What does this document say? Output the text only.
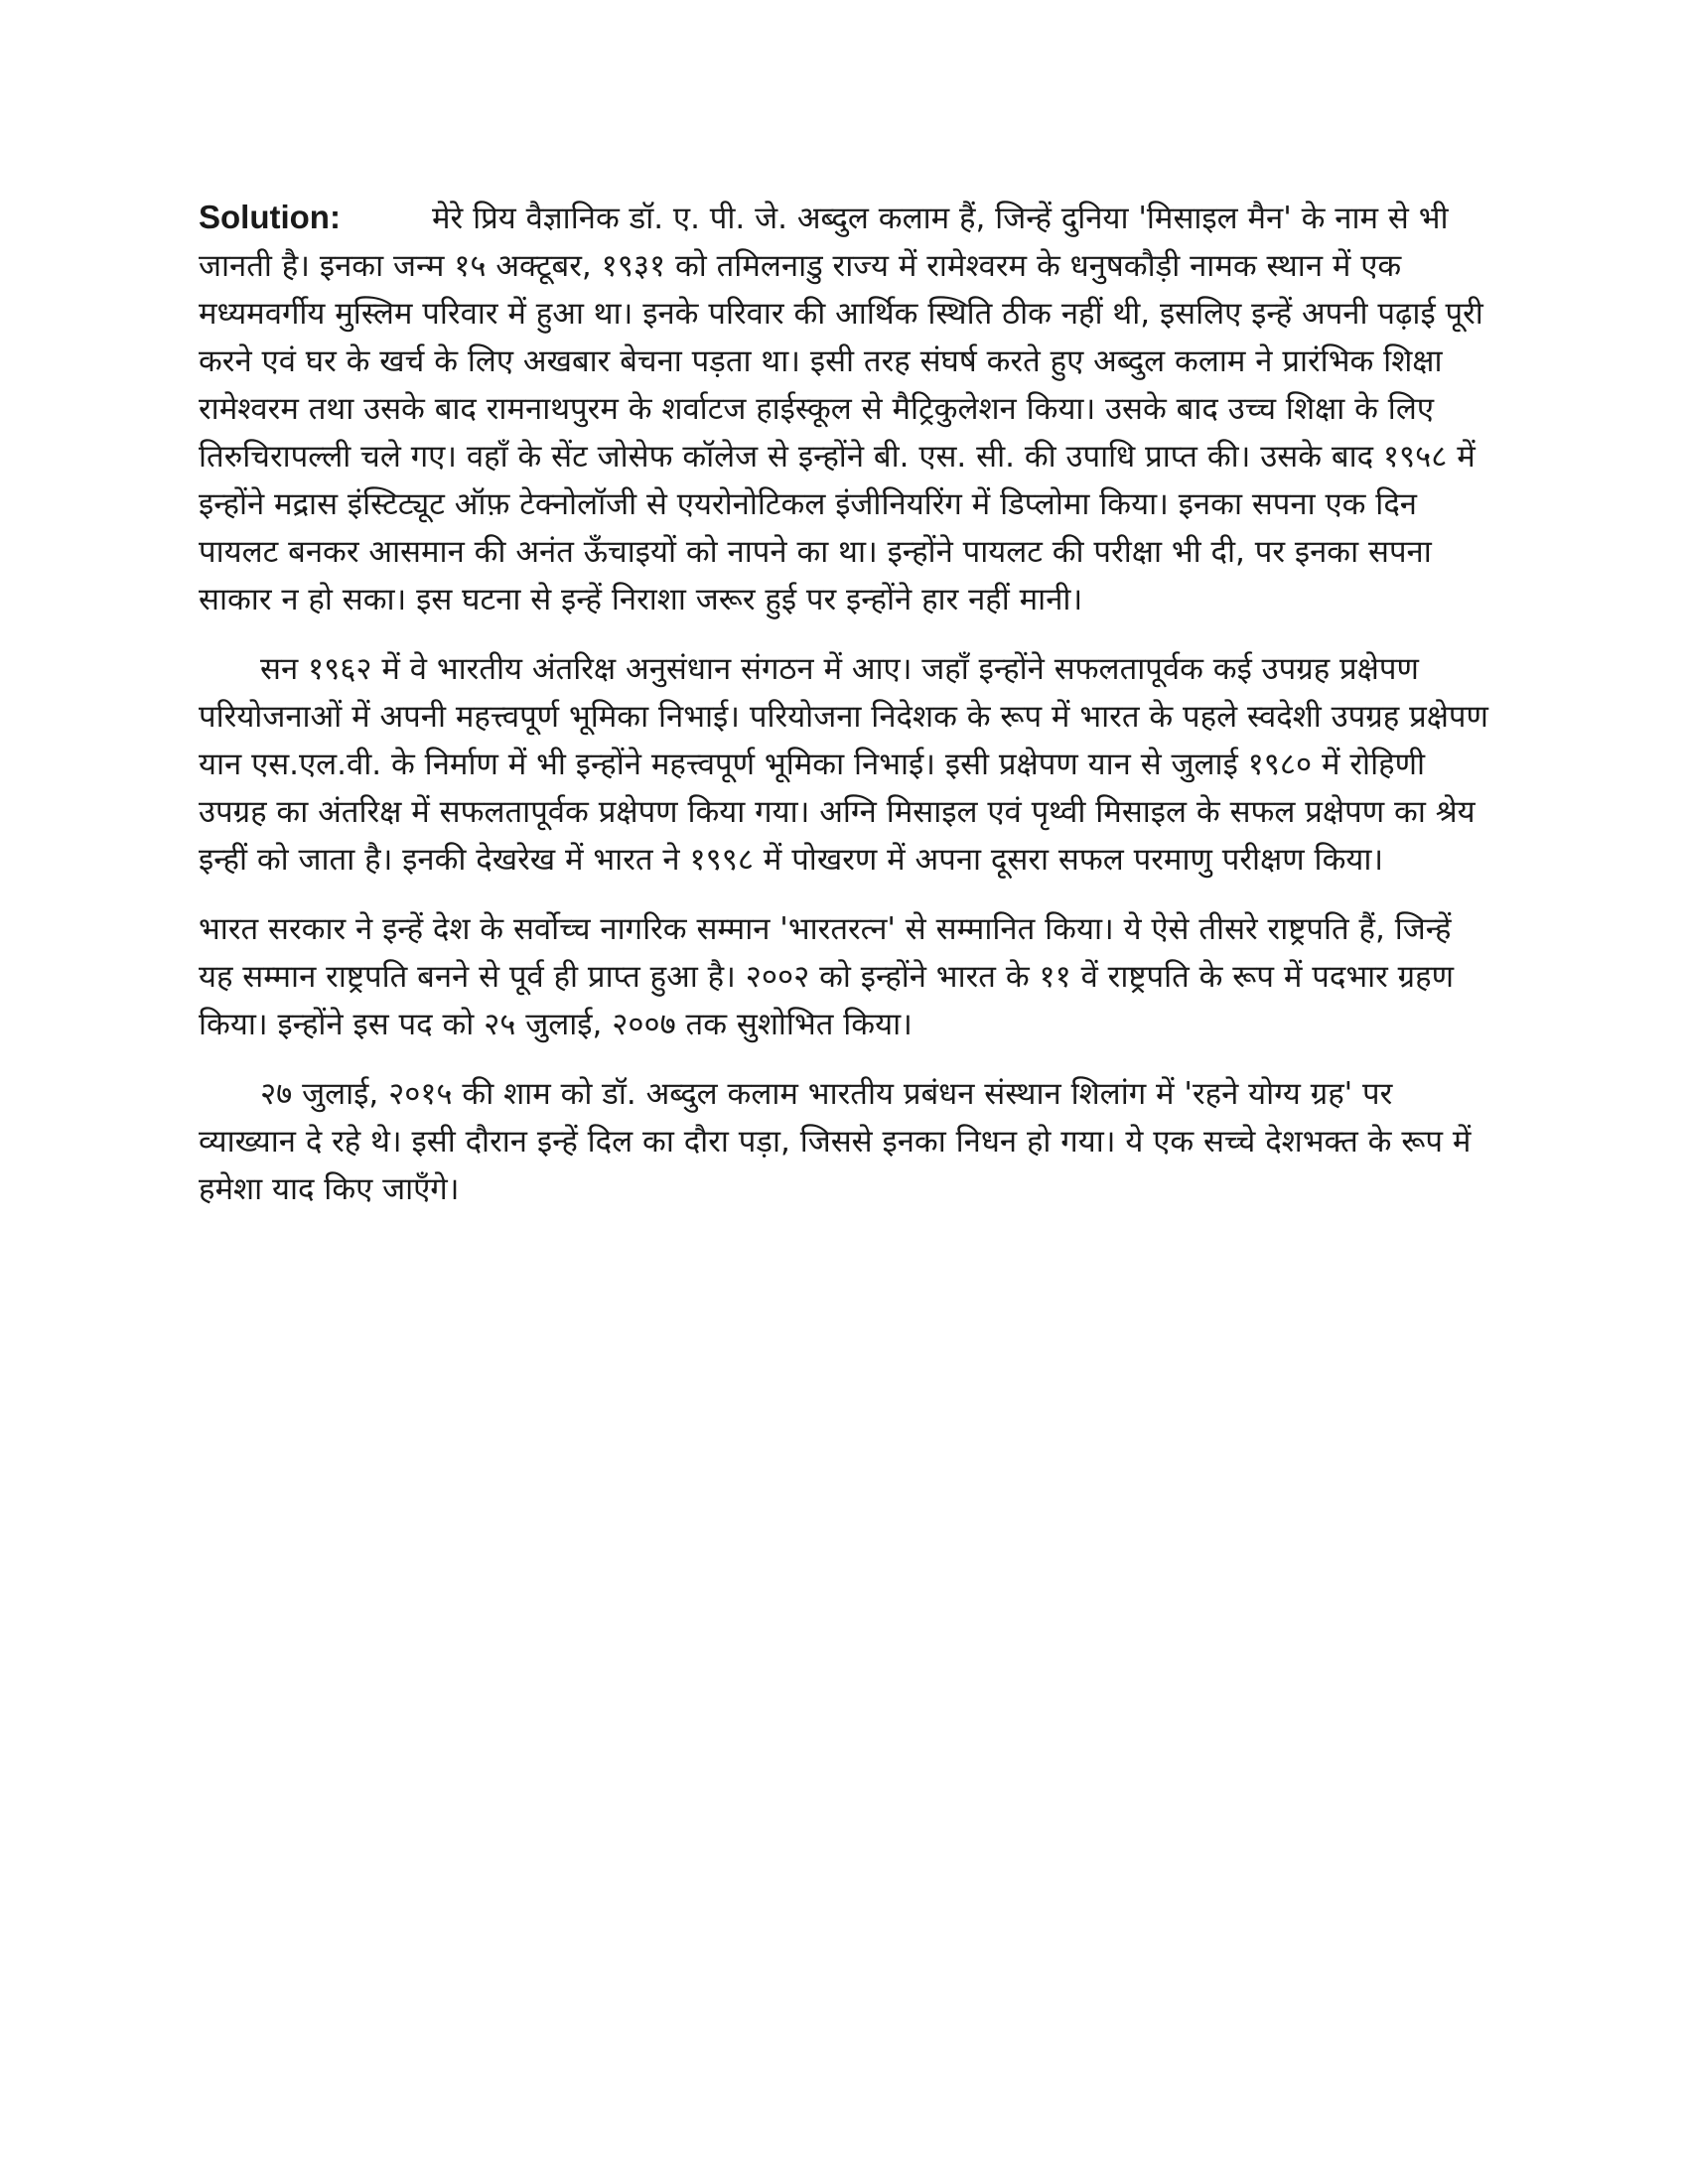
Solution:	मेरे प्रिय वैज्ञानिक डॉ. ए. पी. जे. अब्दुल कलाम हैं, जिन्हें दुनिया 'मिसाइल मैन' के नाम से भी जानती है। इनका जन्म १५ अक्टूबर, १९३१ को तमिलनाडु राज्य में रामेश्वरम के धनुषकौड़ी नामक स्थान में एक मध्यमवर्गीय मुस्लिम परिवार में हुआ था। इनके परिवार की आर्थिक स्थिति ठीक नहीं थी, इसलिए इन्हें अपनी पढ़ाई पूरी करने एवं घर के खर्च के लिए अखबार बेचना पड़ता था। इसी तरह संघर्ष करते हुए अब्दुल कलाम ने प्रारंभिक शिक्षा रामेश्वरम तथा उसके बाद रामनाथपुरम के शर्वाटज हाईस्कूल से मैट्रिकुलेशन किया। उसके बाद उच्च शिक्षा के लिए तिरुचिरापल्ली चले गए। वहाँ के सेंट जोसेफ कॉलेज से इन्होंने बी. एस. सी. की उपाधि प्राप्त की। उसके बाद १९५८ में इन्होंने मद्रास इंस्टिट्यूट ऑफ़ टेक्नोलॉजी से एयरोनोटिकल इंजीनियरिंग में डिप्लोमा किया। इनका सपना एक दिन पायलट बनकर आसमान की अनंत ऊँचाइयों को नापने का था। इन्होंने पायलट की परीक्षा भी दी, पर इनका सपना साकार न हो सका। इस घटना से इन्हें निराशा जरूर हुई पर इन्होंने हार नहीं मानी।

सन १९६२ में वे भारतीय अंतरिक्ष अनुसंधान संगठन में आए। जहाँ इन्होंने सफलतापूर्वक कई उपग्रह प्रक्षेपण परियोजनाओं में अपनी महत्त्वपूर्ण भूमिका निभाई। परियोजना निदेशक के रूप में भारत के पहले स्वदेशी उपग्रह प्रक्षेपण यान एस.एल.वी. के निर्माण में भी इन्होंने महत्त्वपूर्ण भूमिका निभाई। इसी प्रक्षेपण यान से जुलाई १९८० में रोहिणी उपग्रह का अंतरिक्ष में सफलतापूर्वक प्रक्षेपण किया गया। अग्नि मिसाइल एवं पृथ्वी मिसाइल के सफल प्रक्षेपण का श्रेय इन्हीं को जाता है। इनकी देखरेख में भारत ने १९९८ में पोखरण में अपना दूसरा सफल परमाणु परीक्षण किया।

भारत सरकार ने इन्हें देश के सर्वोच्च नागरिक सम्मान 'भारतरत्न' से सम्मानित किया। ये ऐसे तीसरे राष्ट्रपति हैं, जिन्हें यह सम्मान राष्ट्रपति बनने से पूर्व ही प्राप्त हुआ है। २००२ को इन्होंने भारत के ११ वें राष्ट्रपति के रूप में पदभार ग्रहण किया। इन्होंने इस पद को २५ जुलाई, २००७ तक सुशोभित किया।

२७ जुलाई, २०१५ की शाम को डॉ. अब्दुल कलाम भारतीय प्रबंधन संस्थान शिलांग में 'रहने योग्य ग्रह' पर व्याख्यान दे रहे थे। इसी दौरान इन्हें दिल का दौरा पड़ा, जिससे इनका निधन हो गया। ये एक सच्चे देशभक्त के रूप में हमेशा याद किए जाएँगे।
